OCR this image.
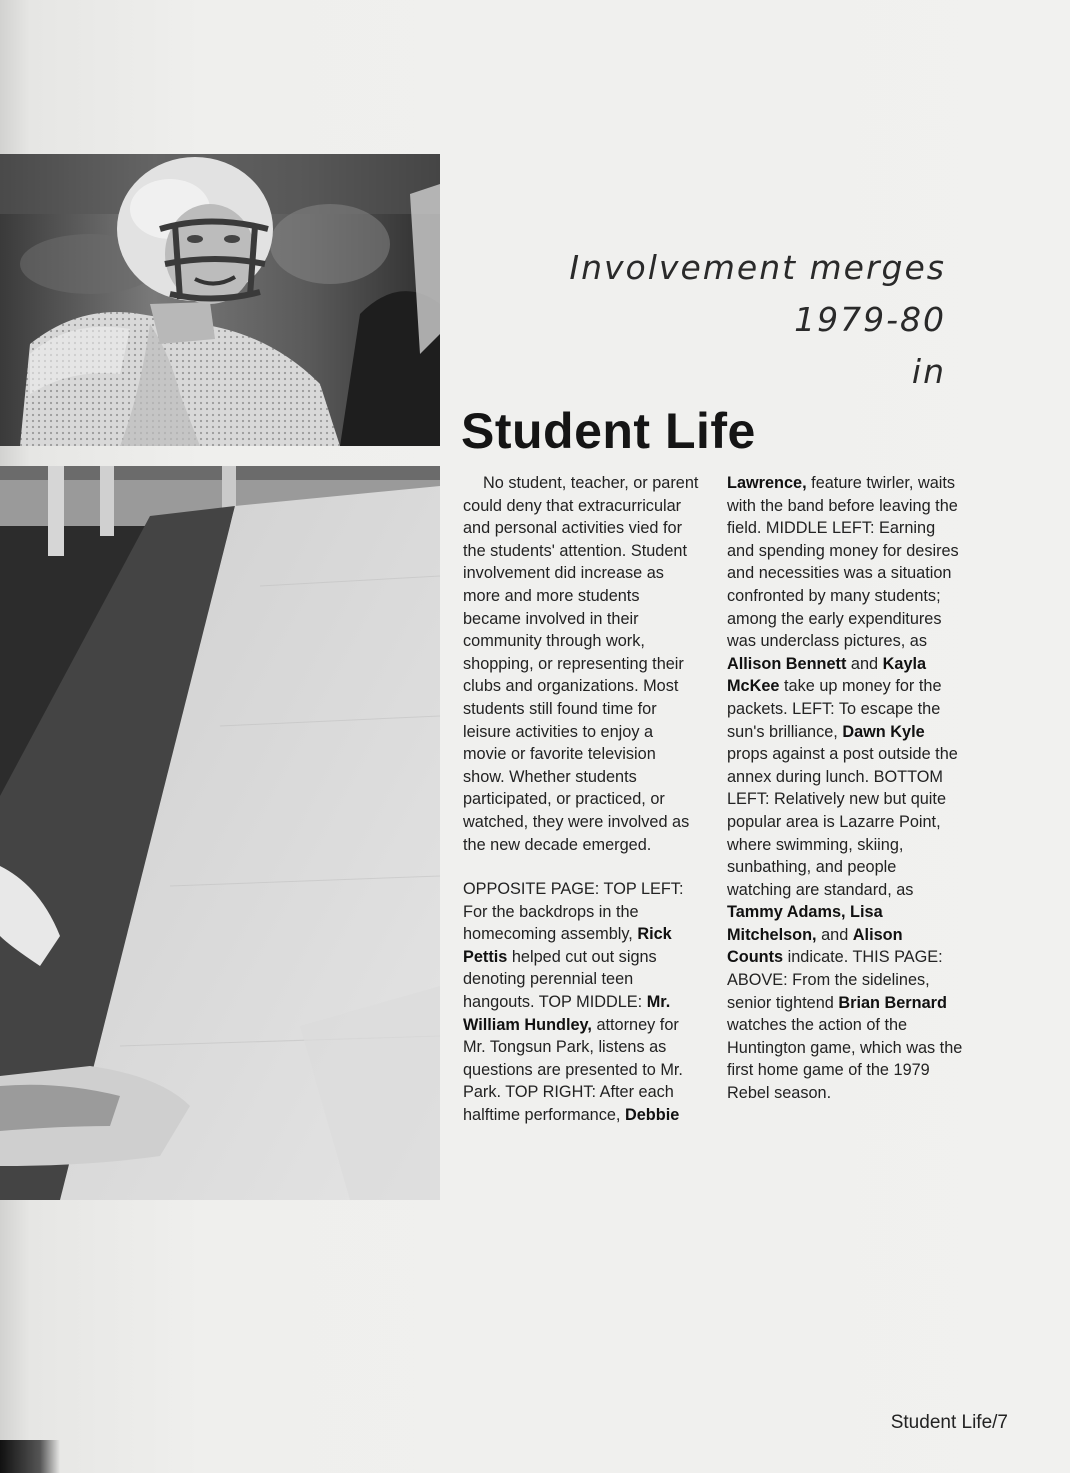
Involvement merges
1979-80
in
Student Life

No student, teacher, or parent could deny that extracurricular and personal activities vied for the students' attention. Student involvement did increase as more and more students became involved in their community through work, shopping, or representing their clubs and organizations. Most students still found time for leisure activities to enjoy a movie or favorite television show. Whether students participated, or practiced, or watched, they were involved as the new decade emerged.

OPPOSITE PAGE: TOP LEFT: For the backdrops in the homecoming assembly, Rick Pettis helped cut out signs denoting perennial teen hangouts. TOP MIDDLE: Mr. William Hundley, attorney for Mr. Tongsun Park, listens as questions are presented to Mr. Park. TOP RIGHT: After each halftime performance, Debbie

Lawrence, feature twirler, waits with the band before leaving the field. MIDDLE LEFT: Earning and spending money for desires and necessities was a situation confronted by many students; among the early expenditures was underclass pictures, as Allison Bennett and Kayla McKee take up money for the packets. LEFT: To escape the sun's brilliance, Dawn Kyle props against a post outside the annex during lunch. BOTTOM LEFT: Relatively new but quite popular area is Lazarre Point, where swimming, skiing, sunbathing, and people watching are standard, as Tammy Adams, Lisa Mitchelson, and Alison Counts indicate. THIS PAGE: ABOVE: From the sidelines, senior tightend Brian Bernard watches the action of the Huntington game, which was the first home game of the 1979 Rebel season.

Student Life/7
